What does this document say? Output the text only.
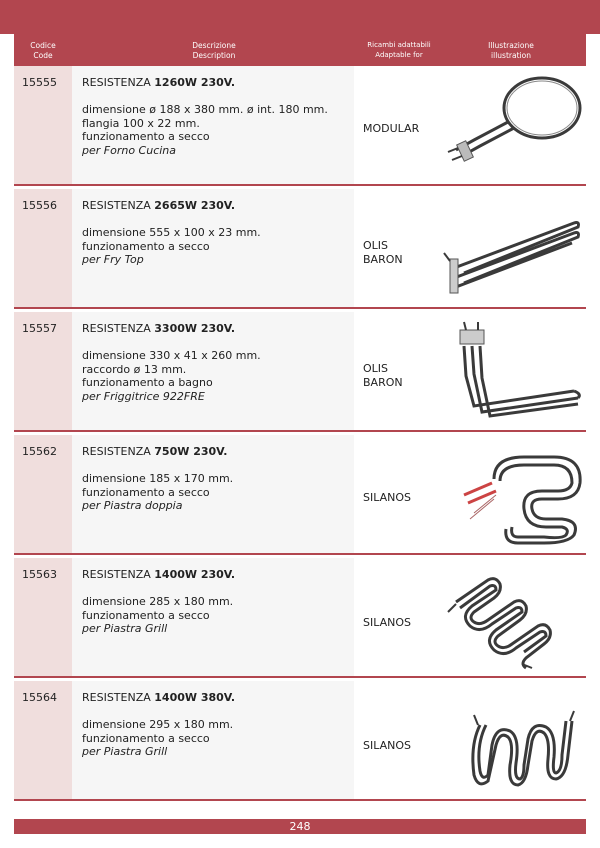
Codice
Code
Descrizione
Description
Ricambi adattabili
Adaptable for
Illustrazione
illustration
15555 RESISTENZA 1260W 230V.
dimensione ø 188 x 380 mm. ø int. 180 mm.
flangia 100 x 22 mm.
funzionamento a secco
per Forno Cucina
MODULAR
15556 RESISTENZA 2665W 230V.
dimensione 555 x 100 x 23 mm.
funzionamento a secco
per Fry Top
OLIS
BARON
15557 RESISTENZA 3300W 230V.
dimensione 330 x 41 x 260 mm.
raccordo ø 13 mm.
funzionamento a bagno
per Friggitrice 922FRE
OLIS
BARON
15562 RESISTENZA 750W 230V.
dimensione 185 x 170 mm.
funzionamento a secco
per Piastra doppia
SILANOS
15563 RESISTENZA 1400W 230V.
dimensione 285 x 180 mm.
funzionamento a secco
per Piastra Grill	SILANOS
15564 RESISTENZA 1400W 380V.
dimensione 295 x 180 mm.
funzionamento a secco
per Piastra Grill	SILANOS
248
